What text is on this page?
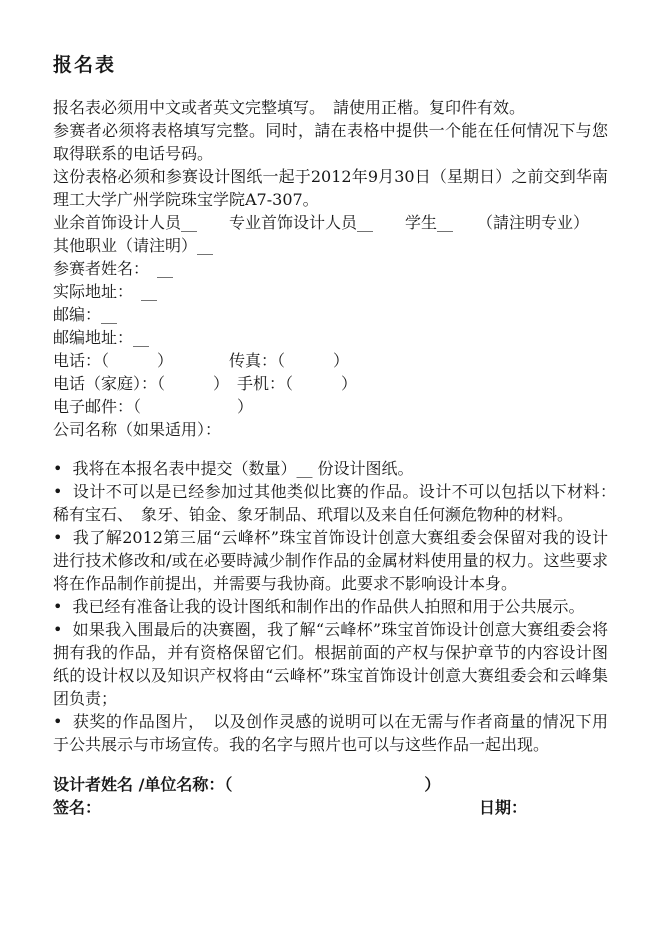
报名表

报名表必须用中文或者英文完整填写。　請使用正楷。复印件有效。

参赛者必须将表格填写完整。同时，請在表格中提供一个能在任何情况下与您取得联系的电话号码。

这份表格必须和参赛设计图纸一起于2012年9月30日（星期日）之前交到华南理工大学广州学院珠宝学院A7-307。

业余首饰设计人员__　　专业首饰设计人员__　　学生__　　（請注明专业）

其他职业（请注明）__

参赛者姓名：　__

实际地址：　__

邮编：__

邮编地址：__

电话：（　　　）　　　　传真：（　　　）

电话（家庭）：（　　　）　手机：（　　　）

电子邮件：（　　　　　　）

公司名称（如果适用）：

• 我将在本报名表中提交（数量）__ 份设计图纸。

• 设计不可以是已经参加过其他类似比赛的作品。设计不可以包括以下材料：　稀有宝石、　象牙、铂金、象牙制品、玳瑁以及来自任何濒危物种的材料。

• 我了解2012第三届“云峰杯”珠宝首饰设计创意大赛组委会保留对我的设计进行技术修改和/或在必要時減少制作作品的金属材料使用量的权力。这些要求将在作品制作前提出，并需要与我协商。此要求不影响设计本身。

• 我已经有准备让我的设计图纸和制作出的作品供人拍照和用于公共展示。

• 如果我入围最后的决赛圈，我了解“云峰杯”珠宝首饰设计创意大赛组委会将拥有我的作品，并有资格保留它们。根据前面的产权与保护章节的内容设计图纸的设计权以及知识产权将由“云峰杯”珠宝首饰设计创意大赛组委会和云峰集团负责；

• 获奖的作品图片，　以及创作灵感的说明可以在无需与作者商量的情况下用于公共展示与市场宣传。我的名字与照片也可以与这些作品一起出现。

设计者姓名 /单位名称：（　　　　　　　　　　　　）

签名：	日期：
